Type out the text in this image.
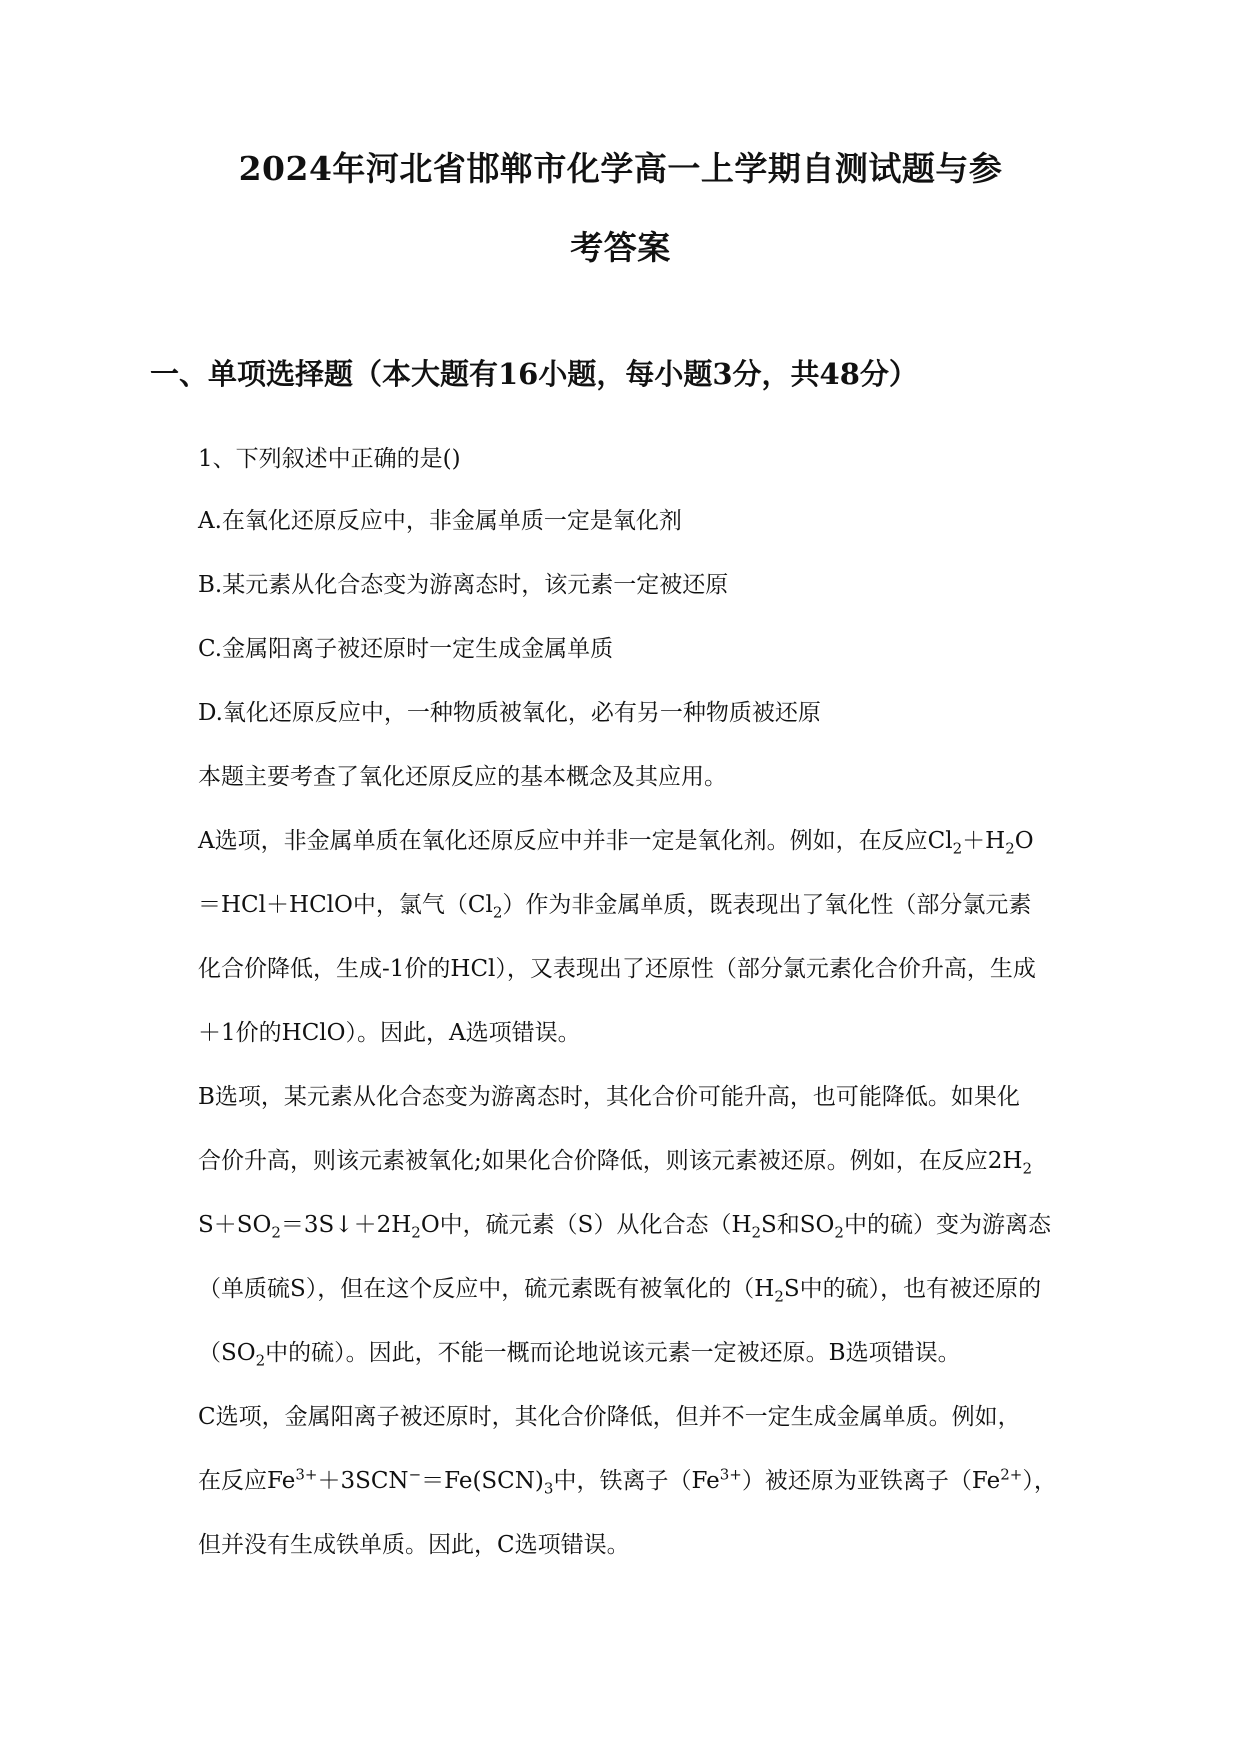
2024年河北省邯郸市化学高一上学期自测试题与参
考答案
一、单项选择题（本大题有16小题，每小题3分，共48分）
1、下列叙述中正确的是()
A.在氧化还原反应中，非金属单质一定是氧化剂
B.某元素从化合态变为游离态时，该元素一定被还原
C.金属阳离子被还原时一定生成金属单质
D.氧化还原反应中，一种物质被氧化，必有另一种物质被还原
本题主要考查了氧化还原反应的基本概念及其应用。
A选项，非金属单质在氧化还原反应中并非一定是氧化剂。例如，在反应$Cl_2+H_2O$
＝HCl＋HClO中，氯气$(Cl_2)$作为非金属单质，既表现出了氧化性（部分氯元素
化合价降低，生成-1价的HCl），又表现出了还原性（部分氯元素化合价升高，生成
＋1价的HClO）。因此，A选项错误。
B选项，某元素从化合态变为游离态时，其化合价可能升高，也可能降低。如果化
合价升高，则该元素被氧化;如果化合价降低，则该元素被还原。例如，在反应$2H_2$
$S+SO_2=3S↓+2H_2O$中，硫元素（S）从化合态（$H_2S$和$SO_2$中的硫）变为游离态
（单质硫S），但在这个反应中，硫元素既有被氧化的（$H_2S$中的硫），也有被还原的
（$SO_2$中的硫）。因此，不能一概而论地说该元素一定被还原。B选项错误。
C选项，金属阳离子被还原时，其化合价降低，但并不一定生成金属单质。例如，
在反应$Fe^{3+}+3SCN^-=Fe(SCN)_3$中，铁离子$(Fe^{3+})$被还原为亚铁离子$(Fe^{2+})$，
但并没有生成铁单质。因此，C选项错误。
